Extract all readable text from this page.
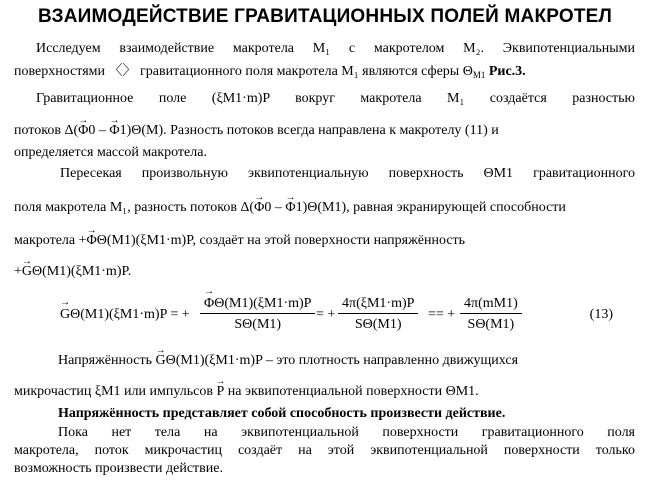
ВЗАИМОДЕЙСТВИЕ ГРАВИТАЦИОННЫХ ПОЛЕЙ МАКРОТЕЛ
Исследуем взаимодействие макротела M₁ с макротелом M₂. Эквипотенциальными
поверхностями 〈〉 гравитационного поля макротела M₁ являются сферы $\Theta_{M1}$ Рис.3.
Гравитационное поле (ξM1·m)P вокруг макротела M₁ создаётся разностью
потоков Δ(→ Φ0 – → Φ1)Θ(M). Разность потоков всегда направлена к макротелу (11) и
определяется массой макротела.
Пересекая произвольную эквипотенциальную поверхность ΘM1 гравитационного
поля макротела M₁, разность потоков Δ(→ Φ0 – → Φ1)Θ(M1), равная экранирующей способности
макротела +→ ΦΘ(M1)(ξM1·m)P, создаёт на этой поверхности напряжённость
+→ GΘ(M1)(ξM1·m)P.
→ GΘ(M1)(ξM1·m)P = +
→ $\frac{\Phi\Theta(M1)(\xi M1\cdot m)P}{S\Theta(M1)}$ = + $\frac{4\pi(\xi M1\cdot m)P}{S\Theta(M1)}$ == + $\frac{4\pi(mM1)}{S\Theta(M1)}$	(13)
Напряжённость → GΘ(M1)(ξM1·m)P – это плотность направленно движущихся
микрочастиц ξM1 или импульсов → P на эквипотенциальной поверхности ΘM1.
Напряжённость представляет собой способность произвести действие.
Пока нет тела на эквипотенциальной поверхности гравитационного поля
макротела, поток микрочастиц создаёт на этой эквипотенциальной поверхности только
возможность произвести действие.
